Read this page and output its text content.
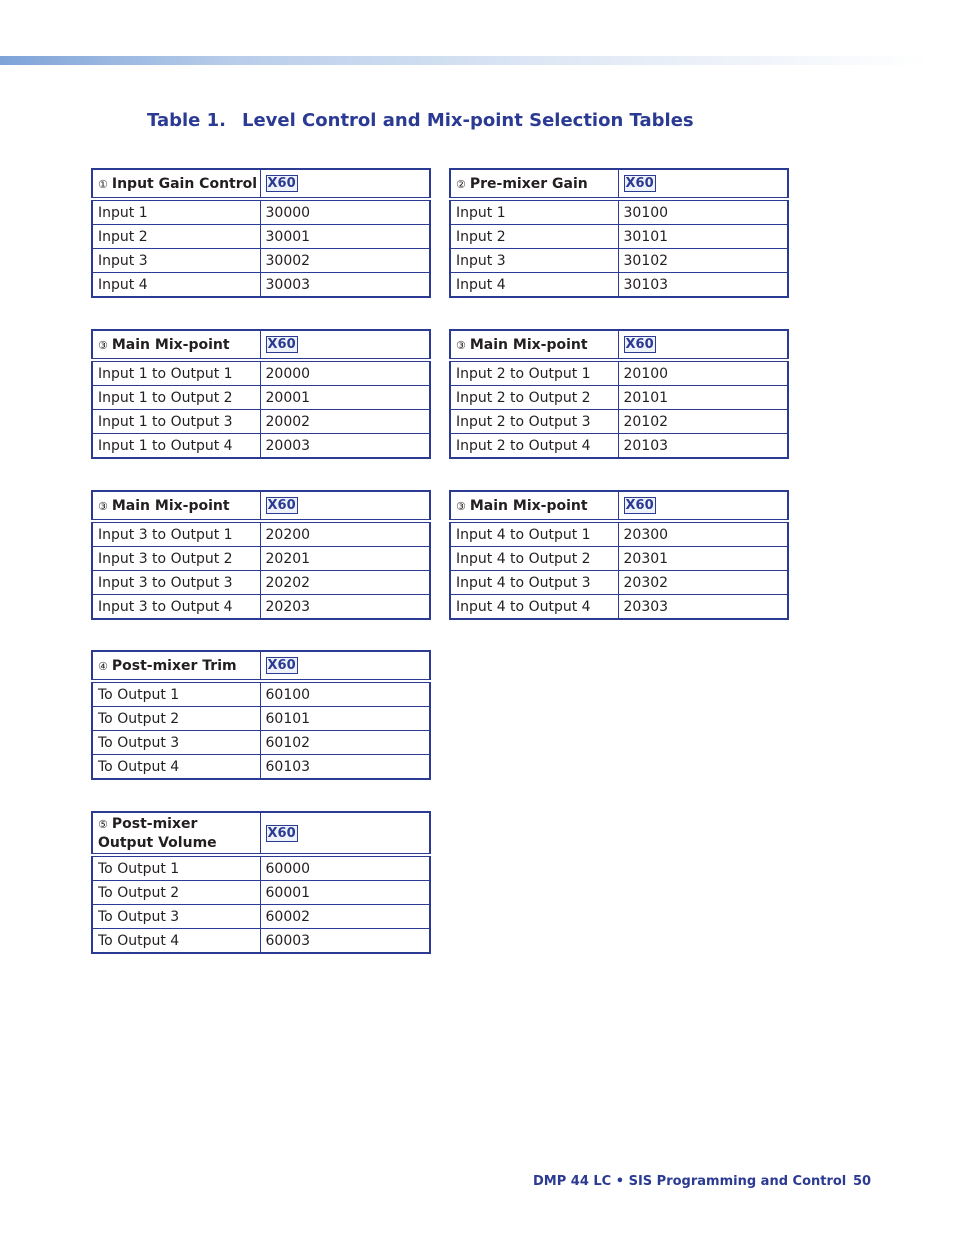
Table 1. Level Control and Mix-point Selection Tables
① Input Gain Control	X60
Input 1	30000
Input 2	30001
Input 3	30002
Input 4	30003
② Pre-mixer Gain	X60
Input 1	30100
Input 2	30101
Input 3	30102
Input 4	30103
③ Main Mix-point	X60
Input 1 to Output 1	20000
Input 1 to Output 2	20001
Input 1 to Output 3	20002
Input 1 to Output 4	20003
③ Main Mix-point	X60
Input 2 to Output 1	20100
Input 2 to Output 2	20101
Input 2 to Output 3	20102
Input 2 to Output 4	20103
③ Main Mix-point	X60
Input 3 to Output 1	20200
Input 3 to Output 2	20201
Input 3 to Output 3	20202
Input 3 to Output 4	20203
③ Main Mix-point	X60
Input 4 to Output 1	20300
Input 4 to Output 2	20301
Input 4 to Output 3	20302
Input 4 to Output 4	20303
④ Post-mixer Trim	X60
To Output 1	60100
To Output 2	60101
To Output 3	60102
To Output 4	60103
⑤ Post-mixer Output Volume	X60
To Output 1	60000
To Output 2	60001
To Output 3	60002
To Output 4	60003
DMP 44 LC • SIS Programming and Control 50
